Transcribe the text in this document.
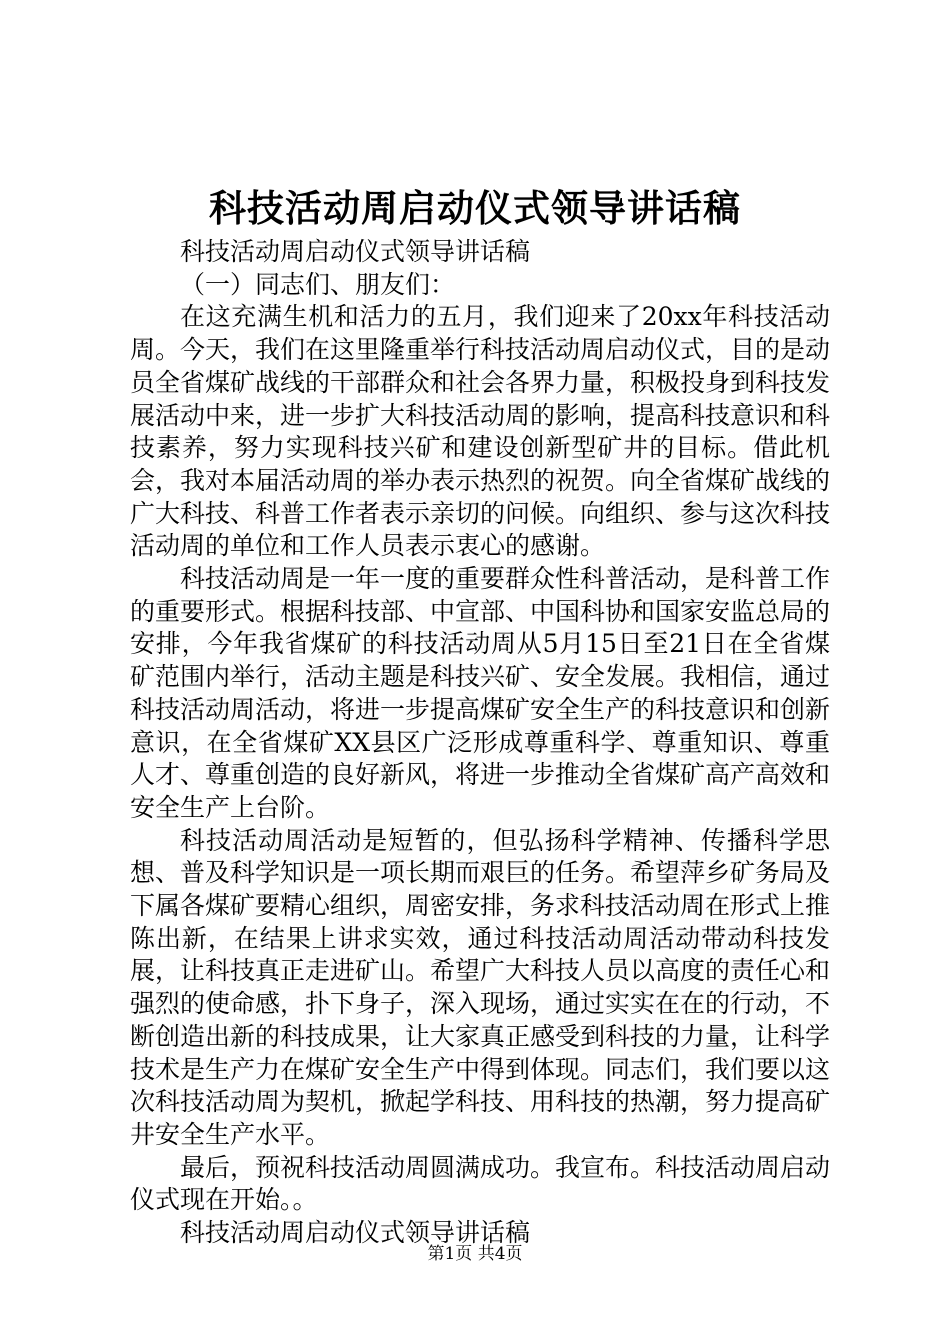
科技活动周启动仪式领导讲话稿

科技活动周启动仪式领导讲话稿

（一）同志们、朋友们：

在这充满生机和活力的五月，我们迎来了20xx年科技活动周。今天，我们在这里隆重举行科技活动周启动仪式，目的是动员全省煤矿战线的干部群众和社会各界力量，积极投身到科技发展活动中来，进一步扩大科技活动周的影响，提高科技意识和科技素养，努力实现科技兴矿和建设创新型矿井的目标。借此机会，我对本届活动周的举办表示热烈的祝贺。向全省煤矿战线的广大科技、科普工作者表示亲切的问候。向组织、参与这次科技活动周的单位和工作人员表示衷心的感谢。

科技活动周是一年一度的重要群众性科普活动，是科普工作的重要形式。根据科技部、中宣部、中国科协和国家安监总局的安排，今年我省煤矿的科技活动周从5月15日至21日在全省煤矿范围内举行，活动主题是科技兴矿、安全发展。我相信，通过科技活动周活动，将进一步提高煤矿安全生产的科技意识和创新意识，在全省煤矿XX县区广泛形成尊重科学、尊重知识、尊重人才、尊重创造的良好新风，将进一步推动全省煤矿高产高效和安全生产上台阶。

科技活动周活动是短暂的，但弘扬科学精神、传播科学思想、普及科学知识是一项长期而艰巨的任务。希望萍乡矿务局及下属各煤矿要精心组织，周密安排，务求科技活动周在形式上推陈出新，在结果上讲求实效，通过科技活动周活动带动科技发展，让科技真正走进矿山。希望广大科技人员以高度的责任心和强烈的使命感，扑下身子，深入现场，通过实实在在的行动，不断创造出新的科技成果，让大家真正感受到科技的力量，让科学技术是生产力在煤矿安全生产中得到体现。同志们，我们要以这次科技活动周为契机，掀起学科技、用科技的热潮，努力提高矿井安全生产水平。

最后，预祝科技活动周圆满成功。我宣布。科技活动周启动仪式现在开始。。

科技活动周启动仪式领导讲话稿

第1页 共4页
